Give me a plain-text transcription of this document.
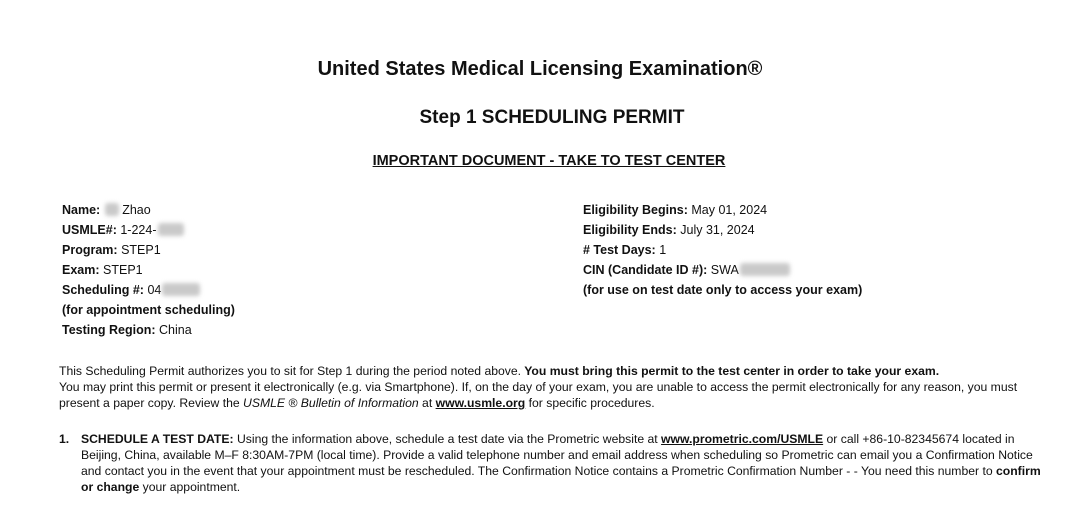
United States Medical Licensing Examination®
Step 1 SCHEDULING PERMIT
IMPORTANT DOCUMENT - TAKE TO TEST CENTER
Name: Zhao
USMLE#: 1-224-
Program: STEP1
Exam: STEP1
Scheduling #: 04
(for appointment scheduling)
Testing Region: China
Eligibility Begins: May 01, 2024
Eligibility Ends: July 31, 2024
# Test Days: 1
CIN (Candidate ID #): SWA
(for use on test date only to access your exam)
This Scheduling Permit authorizes you to sit for Step 1 during the period noted above. You must bring this permit to the test center in order to take your exam.
You may print this permit or present it electronically (e.g. via Smartphone). If, on the day of your exam, you are unable to access the permit electronically for any reason, you must present a paper copy. Review the USMLE ® Bulletin of Information at www.usmle.org for specific procedures.
1. SCHEDULE A TEST DATE: Using the information above, schedule a test date via the Prometric website at www.prometric.com/USMLE or call +86-10-82345674 located in Beijing, China, available M–F 8:30AM-7PM (local time). Provide a valid telephone number and email address when scheduling so Prometric can email you a Confirmation Notice and contact you in the event that your appointment must be rescheduled. The Confirmation Notice contains a Prometric Confirmation Number - - You need this number to confirm or change your appointment.
